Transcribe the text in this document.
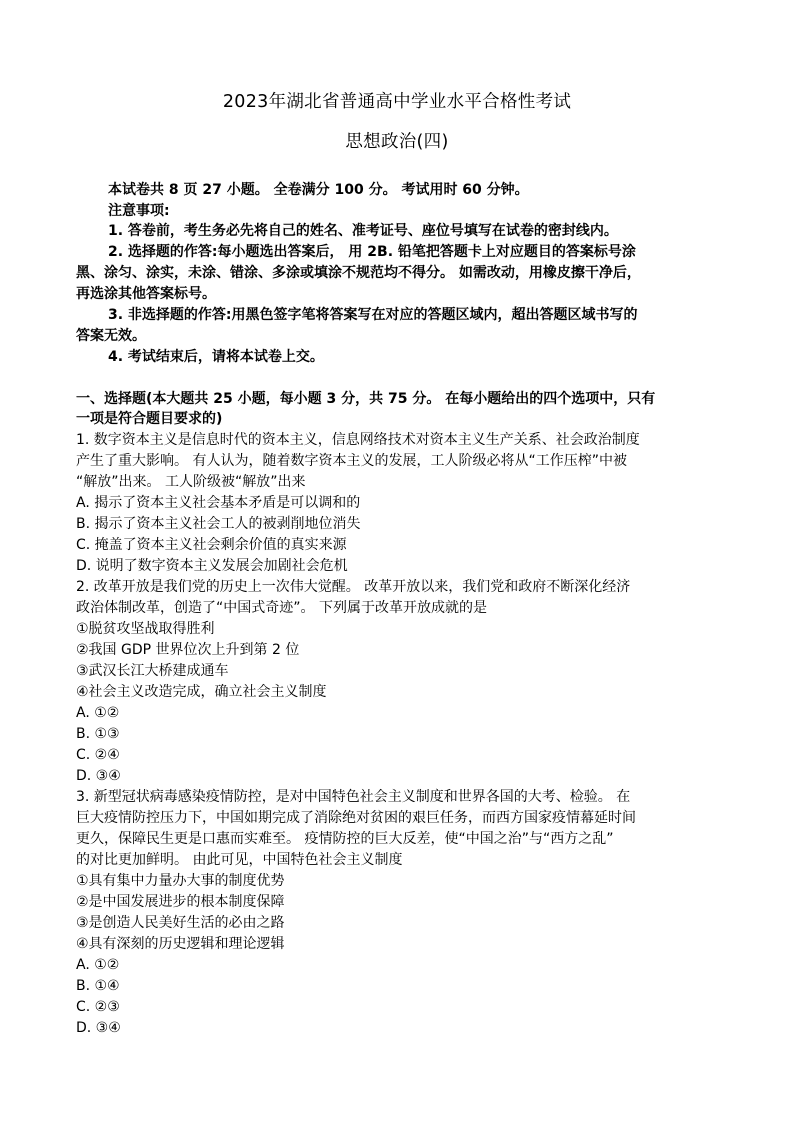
2023年湖北省普通高中学业水平合格性考试
思想政治(四)
本试卷共 8 页 27 小题。 全卷满分 100 分。 考试用时 60 分钟。
注意事项:
1. 答卷前，考生务必先将自己的姓名、准考证号、座位号填写在试卷的密封线内。
2. 选择题的作答:每小题选出答案后， 用 2B. 铅笔把答题卡上对应题目的答案标号涂
黑、涂匀、涂实，未涂、错涂、多涂或填涂不规范均不得分。 如需改动，用橡皮擦干净后，
再选涂其他答案标号。
3. 非选择题的作答:用黑色签字笔将答案写在对应的答题区域内，超出答题区域书写的
答案无效。
4. 考试结束后，请将本试卷上交。
一、选择题(本大题共 25 小题，每小题 3 分，共 75 分。 在每小题给出的四个选项中，只有
一项是符合题目要求的)
1. 数字资本主义是信息时代的资本主义，信息网络技术对资本主义生产关系、社会政治制度
产生了重大影响。 有人认为，随着数字资本主义的发展，工人阶级必将从“工作压榨”中被
“解放”出来。 工人阶级被“解放”出来
A. 揭示了资本主义社会基本矛盾是可以调和的
B. 揭示了资本主义社会工人的被剥削地位消失
C. 掩盖了资本主义社会剩余价值的真实来源
D. 说明了数字资本主义发展会加剧社会危机
2. 改革开放是我们党的历史上一次伟大觉醒。 改革开放以来，我们党和政府不断深化经济
政治体制改革，创造了“中国式奇迹”。 下列属于改革开放成就的是
①脱贫攻坚战取得胜利
②我国 GDP 世界位次上升到第 2 位
③武汉长江大桥建成通车
④社会主义改造完成，确立社会主义制度
A. ①②
B. ①③
C. ②④
D. ③④
3. 新型冠状病毒感染疫情防控，是对中国特色社会主义制度和世界各国的大考、检验。 在
巨大疫情防控压力下，中国如期完成了消除绝对贫困的艰巨任务，而西方国家疫情幕延时间
更久，保障民生更是口惠而实难至。 疫情防控的巨大反差，使“中国之治”与“西方之乱”
的对比更加鲜明。 由此可见，中国特色社会主义制度
①具有集中力量办大事的制度优势
②是中国发展进步的根本制度保障
③是创造人民美好生活的必由之路
④具有深刻的历史逻辑和理论逻辑
A. ①②
B. ①④
C. ②③
D. ③④
